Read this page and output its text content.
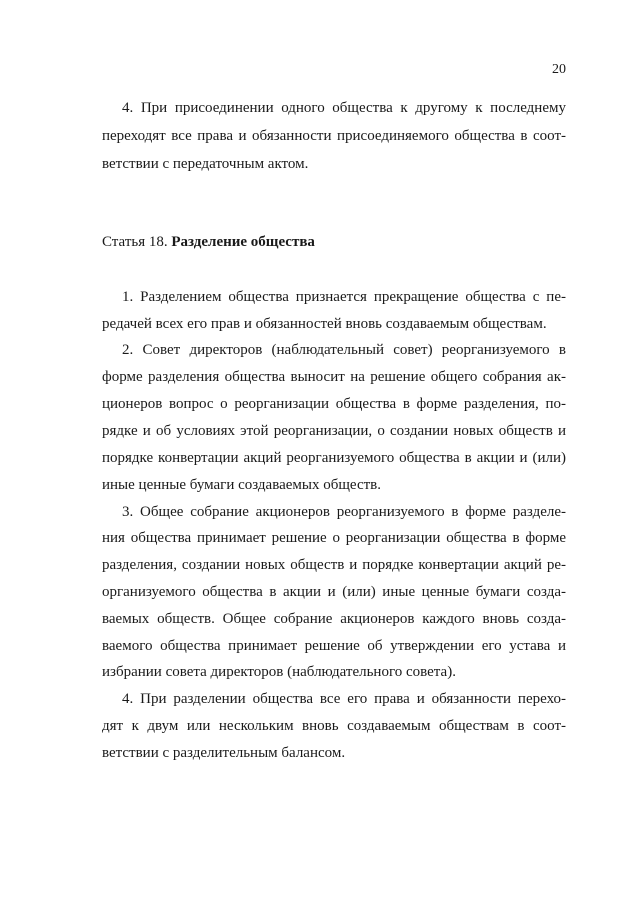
20
4. При присоединении одного общества к другому к последнему
переходят все права и обязанности присоединяемого общества в соот-
ветствии с передаточным актом.
Статья 18. Разделение общества
1. Разделением общества признается прекращение общества с пе-
редачей всех его прав и обязанностей вновь создаваемым обществам.
2. Совет директоров (наблюдательный совет) реорганизуемого в
форме разделения общества выносит на решение общего собрания ак-
ционеров вопрос о реорганизации общества в форме разделения, по-
рядке и об условиях этой реорганизации, о создании новых обществ и
порядке конвертации акций реорганизуемого общества в акции и (или)
иные ценные бумаги создаваемых обществ.
3. Общее собрание акционеров реорганизуемого в форме разделе-
ния общества принимает решение о реорганизации общества в форме
разделения, создании новых обществ и порядке конвертации акций ре-
организуемого общества в акции и (или) иные ценные бумаги созда-
ваемых обществ. Общее собрание акционеров каждого вновь созда-
ваемого общества принимает решение об утверждении его устава и
избрании совета директоров (наблюдательного совета).
4. При разделении общества все его права и обязанности перехо-
дят к двум или нескольким вновь создаваемым обществам в соот-
ветствии с разделительным балансом.
